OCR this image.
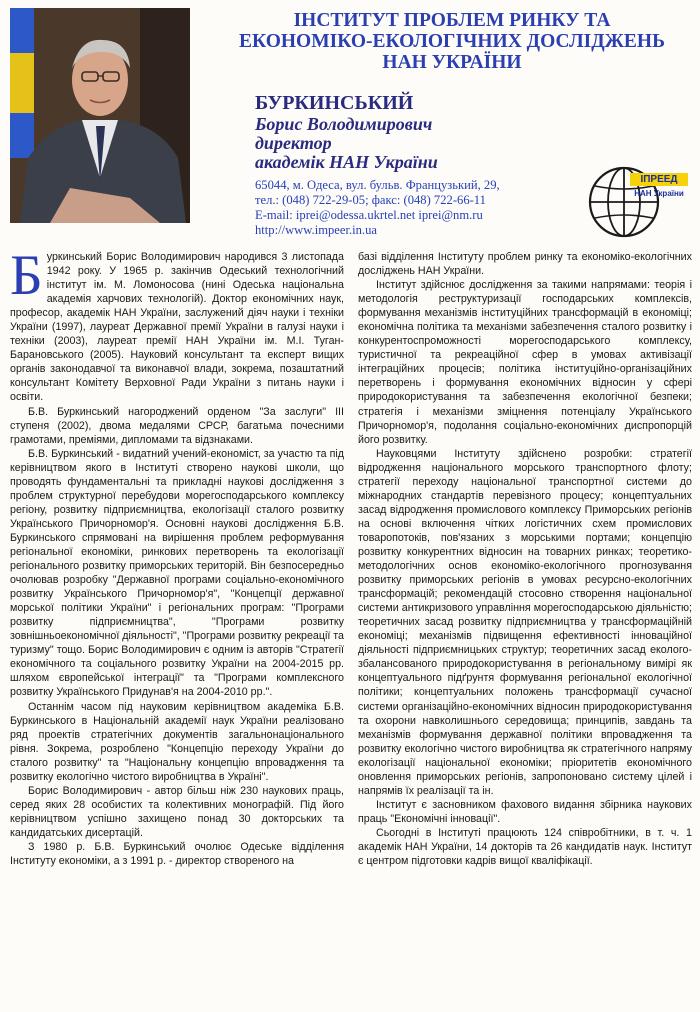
ІНСТИТУТ ПРОБЛЕМ РИНКУ ТА
ЕКОНОМІКО-ЕКОЛОГІЧНИХ ДОСЛІДЖЕНЬ
НАН УКРАЇНИ
БУРКИНСЬКИЙ
Борис Володимирович
директор
академік НАН України
65044, м. Одеса, вул. бульв. Французький, 29,
тел.: (048) 722-29-05; факс: (048) 722-66-11
E-mail: iprei@odessa.ukrtel.net iprei@nm.ru
http://www.impeer.in.ua
ІПРЕЕД
НАН України

Буркинський Борис Володимирович народився 3 листопада 1942 року. У 1965 р. закінчив Одеський технологічний інститут ім. М. Ломоносова (нині Одеська національна академія харчових технологій). Доктор економічних наук, професор, академік НАН України, заслужений діяч науки і техніки України (1997), лауреат Державної премії України в галузі науки і техніки (2003), лауреат премії НАН України ім. М.І. Туган-Барановського (2005). Науковий консультант та експерт вищих органів законодавчої та виконавчої влади, зокрема, позаштатний консультант Комітету Верховної Ради України з питань науки і освіти.

Б.В. Буркинський нагороджений орденом "За заслуги" ІІІ ступеня (2002), двома медалями СРСР, багатьма почесними грамотами, преміями, дипломами та відзнаками.

Б.В. Буркинський - видатний учений-економіст, за участю та під керівництвом якого в Інституті створено наукові школи, що проводять фундаментальні та прикладні наукові дослідження з проблем структурної перебудови морегосподарського комплексу регіону, розвитку підприємництва, екологізації сталого розвитку Українського Причорномор'я. Основні наукові дослідження Б.В. Буркинського спрямовані на вирішення проблем реформування регіональної економіки, ринкових перетворень та екологізації регіонального розвитку приморських територій. Він безпосередньо очолював розробку "Державної програми соціально-економічного розвитку Українського Причорномор'я", "Концепції державної морської політики України" і регіональних програм: "Програми розвитку підприємництва", "Програми розвитку зовнішньоекономічної діяльності", "Програми розвитку рекреації та туризму" тощо. Борис Володимирович є одним із авторів "Стратегії економічного та соціального розвитку України на 2004-2015 рр. шляхом європейської інтеграції" та "Програми комплексного розвитку Українського Придунав'я на 2004-2010 рр.".

Останнім часом під науковим керівництвом академіка Б.В. Буркинського в Національній академії наук України реалізовано ряд проектів стратегічних документів загальнонаціонального рівня. Зокрема, розроблено "Концепцію переходу України до сталого розвитку" та "Національну концепцію впровадження та розвитку екологічно чистого виробництва в Україні".

Борис Володимирович - автор більш ніж 230 наукових праць, серед яких 28 особистих та колективних монографій. Під його керівництвом успішно захищено понад 30 докторських та кандидатських дисертацій.

З 1980 р. Б.В. Буркинський очолює Одеське відділення Інституту економіки, а з 1991 р. - директор створеного на

базі відділення Інституту проблем ринку та економіко-екологічних досліджень НАН України.

Інститут здійснює дослідження за такими напрямами: теорія і методологія реструктуризації господарських комплексів, формування механізмів інституційних трансформацій в економіці; економічна політика та механізми забезпечення сталого розвитку і конкурентоспроможності морегосподарського комплексу, туристичної та рекреаційної сфер в умовах активізації інтеграційних процесів; політика інституційно-організаційних перетворень і формування економічних відносин у сфері природокористування та забезпечення екологічної безпеки; стратегія і механізми зміцнення потенціалу Українського Причорномор'я, подолання соціально-економічних диспропорцій його розвитку.

Науковцями Інституту здійснено розробки: стратегії відродження національного морського транспортного флоту; стратегії переходу національної транспортної системи до міжнародних стандартів перевізного процесу; концептуальних засад відродження промислового комплексу Приморських регіонів на основі включення чітких логістичних схем промислових товаропотоків, пов'язаних з морськими портами; концепцію розвитку конкурентних відносин на товарних ринках; теоретико-методологічних основ економіко-екологічного прогнозування розвитку приморських регіонів в умовах ресурсно-екологічних трансформацій; рекомендацій стосовно створення національної системи антикризового управління морегосподарською діяльністю; теоретичних засад розвитку підприємництва у трансформаційній економіці; механізмів підвищення ефективності інноваційної діяльності підприємницьких структур; теоретичних засад еколого-збалансованого природокористування в регіональному вимірі як концептуального підґрунтя формування регіональної екологічної політики; концептуальних положень трансформації сучасної системи організаційно-економічних відносин природокористування та охорони навколишнього середовища; принципів, завдань та механізмів формування державної політики впровадження та розвитку екологічно чистого виробництва як стратегічного напряму екологізації національної економіки; пріоритетів економічного оновлення приморських регіонів, запропоновано систему цілей і напрямів їх реалізації та ін.

Інститут є засновником фахового видання збірника наукових праць "Економічні інновації".

Сьогодні в Інституті працюють 124 співробітники, в т. ч. 1 академік НАН України, 14 докторів та 26 кандидатів наук. Інститут є центром підготовки кадрів вищої кваліфікації.
